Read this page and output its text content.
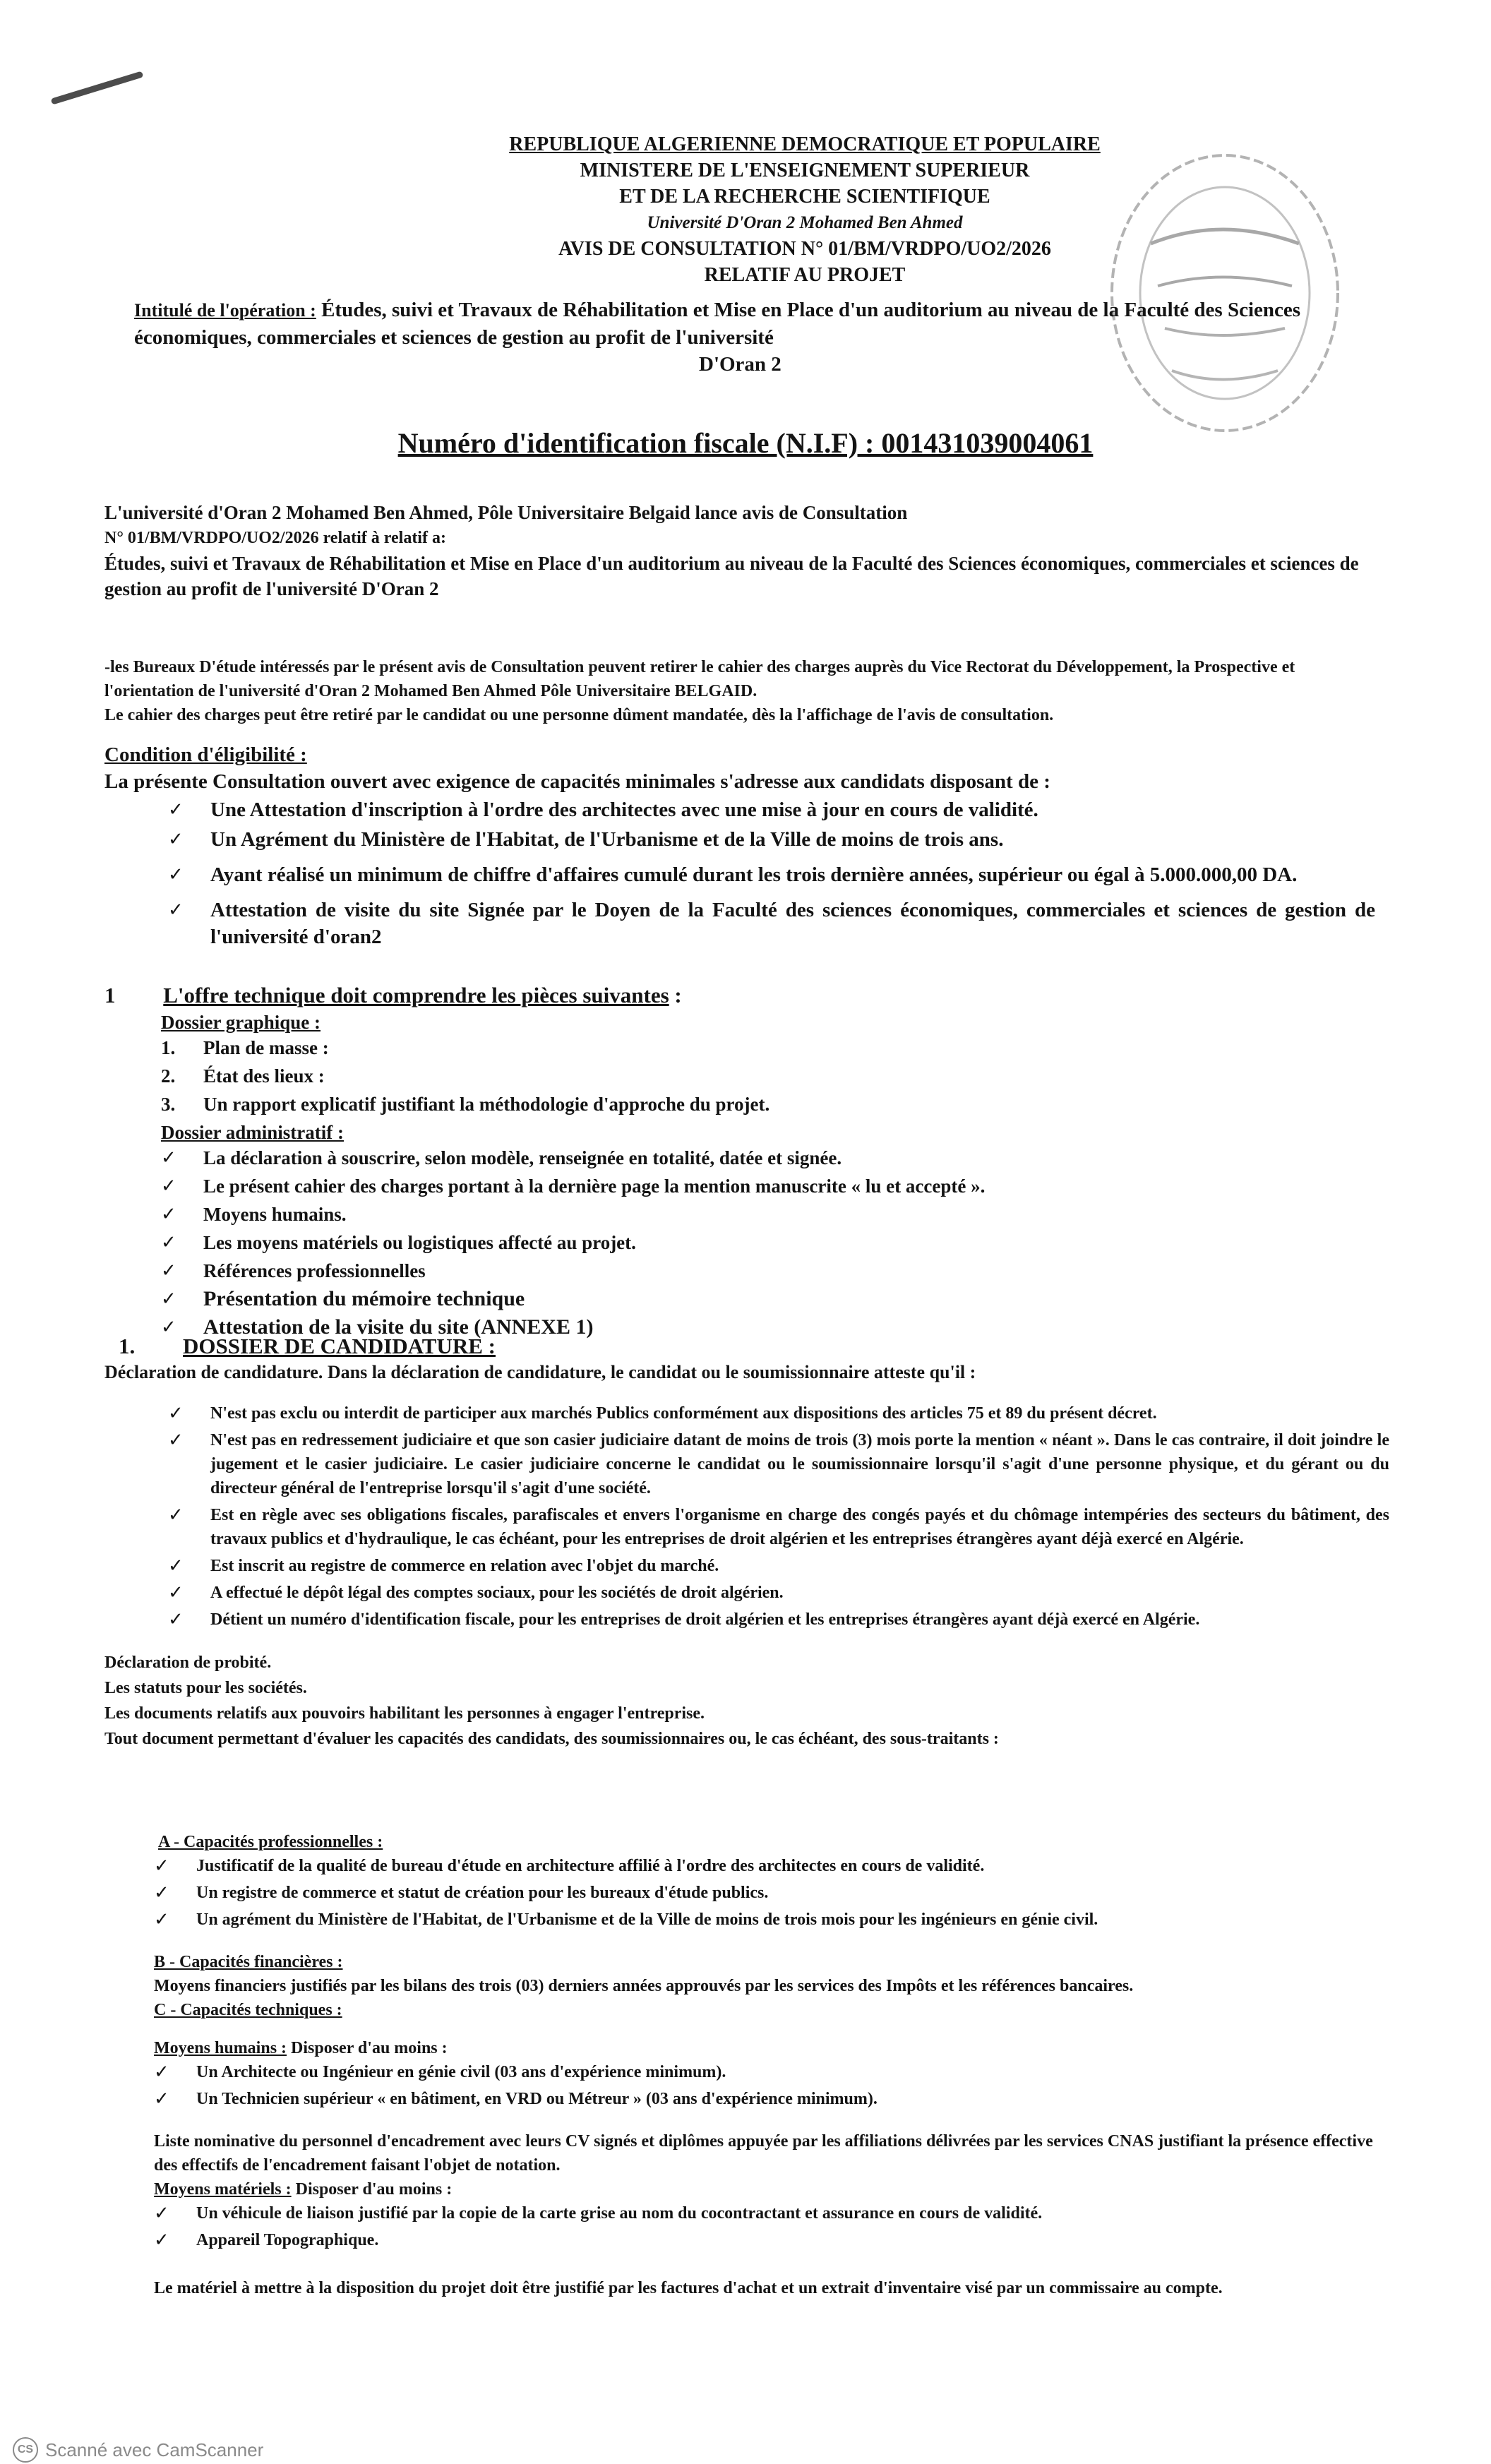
REPUBLIQUE ALGERIENNE DEMOCRATIQUE ET POPULAIRE
MINISTERE DE L'ENSEIGNEMENT SUPERIEUR
ET DE LA RECHERCHE SCIENTIFIQUE
Université D'Oran 2 Mohamed Ben Ahmed
AVIS DE CONSULTATION N° 01/BM/VRDPO/UO2/2026
RELATIF AU PROJET
Intitulé de l'opération : Études, suivi et Travaux de Réhabilitation et Mise en Place d'un auditorium au niveau de la Faculté des Sciences économiques, commerciales et sciences de gestion au profit de l'université
D'Oran 2
Numéro d'identification fiscale (N.I.F) : 001431039004061
L'université d'Oran 2 Mohamed Ben Ahmed, Pôle Universitaire Belgaid lance avis de Consultation
N° 01/BM/VRDPO/UO2/2026 relatif à relatif a:
Études, suivi et Travaux de Réhabilitation et Mise en Place d'un auditorium au niveau de la Faculté des Sciences économiques, commerciales et sciences de gestion au profit de l'université D'Oran 2
-les Bureaux D'étude intéressés par le présent avis de Consultation peuvent retirer le cahier des charges auprès du Vice Rectorat du Développement, la Prospective et l'orientation de l'université d'Oran 2 Mohamed Ben Ahmed Pôle Universitaire BELGAID.
Le cahier des charges peut être retiré par le candidat ou une personne dûment mandatée, dès la l'affichage de l'avis de consultation.
Condition d'éligibilité :
La présente Consultation ouvert avec exigence de capacités minimales s'adresse aux candidats disposant de :
✓ Une Attestation d'inscription à l'ordre des architectes avec une mise à jour en cours de validité.
✓ Un Agrément du Ministère de l'Habitat, de l'Urbanisme et de la Ville de moins de trois ans.
✓ Ayant réalisé un minimum de chiffre d'affaires cumulé durant les trois dernière années, supérieur ou égal à 5.000.000,00 DA.
✓ Attestation de visite du site Signée par le Doyen de la Faculté des sciences économiques, commerciales et sciences de gestion de l'université d'oran2
1 L'offre technique doit comprendre les pièces suivantes :
Dossier graphique :
1. Plan de masse :
2. État des lieux :
3. Un rapport explicatif justifiant la méthodologie d'approche du projet.
Dossier administratif :
✓ La déclaration à souscrire, selon modèle, renseignée en totalité, datée et signée.
✓ Le présent cahier des charges portant à la dernière page la mention manuscrite « lu et accepté ».
✓ Moyens humains.
✓ Les moyens matériels ou logistiques affecté au projet.
✓ Références professionnelles
✓ Présentation du mémoire technique
✓ Attestation de la visite du site (ANNEXE 1)
1. DOSSIER DE CANDIDATURE :
Déclaration de candidature. Dans la déclaration de candidature, le candidat ou le soumissionnaire atteste qu'il :
✓ N'est pas exclu ou interdit de participer aux marchés Publics conformément aux dispositions des articles 75 et 89 du présent décret.
✓ N'est pas en redressement judiciaire et que son casier judiciaire datant de moins de trois (3) mois porte la mention « néant ». Dans le cas contraire, il doit joindre le jugement et le casier judiciaire. Le casier judiciaire concerne le candidat ou le soumissionnaire lorsqu'il s'agit d'une personne physique, et du gérant ou du directeur général de l'entreprise lorsqu'il s'agit d'une société.
✓ Est en règle avec ses obligations fiscales, parafiscales et envers l'organisme en charge des congés payés et du chômage intempéries des secteurs du bâtiment, des travaux publics et d'hydraulique, le cas échéant, pour les entreprises de droit algérien et les entreprises étrangères ayant déjà exercé en Algérie.
✓ Est inscrit au registre de commerce en relation avec l'objet du marché.
✓ A effectué le dépôt légal des comptes sociaux, pour les sociétés de droit algérien.
✓ Détient un numéro d'identification fiscale, pour les entreprises de droit algérien et les entreprises étrangères ayant déjà exercé en Algérie.
Déclaration de probité.
Les statuts pour les sociétés.
Les documents relatifs aux pouvoirs habilitant les personnes à engager l'entreprise.
Tout document permettant d'évaluer les capacités des candidats, des soumissionnaires ou, le cas échéant, des sous-traitants :
A - Capacités professionnelles :
✓ Justificatif de la qualité de bureau d'étude en architecture affilié à l'ordre des architectes en cours de validité.
✓ Un registre de commerce et statut de création pour les bureaux d'étude publics.
✓ Un agrément du Ministère de l'Habitat, de l'Urbanisme et de la Ville de moins de trois mois pour les ingénieurs en génie civil.
B - Capacités financières :
Moyens financiers justifiés par les bilans des trois (03) derniers années approuvés par les services des Impôts et les références bancaires.
C - Capacités techniques :
Moyens humains : Disposer d'au moins :
✓ Un Architecte ou Ingénieur en génie civil (03 ans d'expérience minimum).
✓ Un Technicien supérieur « en bâtiment, en VRD ou Métreur » (03 ans d'expérience minimum).
Liste nominative du personnel d'encadrement avec leurs CV signés et diplômes appuyée par les affiliations délivrées par les services CNAS justifiant la présence effective des effectifs de l'encadrement faisant l'objet de notation.
Moyens matériels : Disposer d'au moins :
✓ Un véhicule de liaison justifié par la copie de la carte grise au nom du cocontractant et assurance en cours de validité.
✓ Appareil Topographique.
Le matériel à mettre à la disposition du projet doit être justifié par les factures d'achat et un extrait d'inventaire visé par un commissaire au compte.
CS Scanné avec CamScanner
